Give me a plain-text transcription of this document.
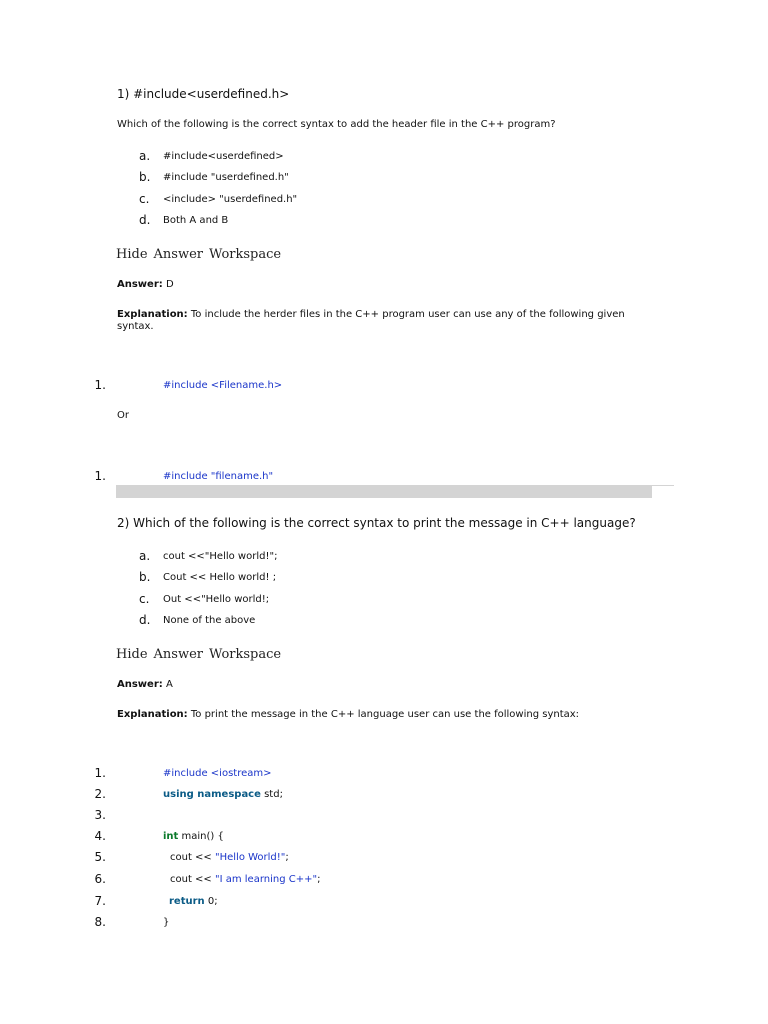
1) #include<userdefined.h>
Which of the following is the correct syntax to add the header file in the C++ program?
a. #include<userdefined>
b. #include "userdefined.h"
c. <include> "userdefined.h"
d. Both A and B
Hide Answer Workspace
Answer: D
Explanation: To include the herder files in the C++ program user can use any of the following given syntax.
1.	#include <Filename.h>
Or
1.	#include "filename.h"
2) Which of the following is the correct syntax to print the message in C++ language?
a. cout <<"Hello world!";
b. Cout << Hello world! ;
c. Out <<"Hello world!;
d. None of the above
Hide Answer Workspace
Answer: A
Explanation: To print the message in the C++ language user can use the following syntax:
1.	#include <iostream>
2.	using namespace std;
3.
4.	int main() {
5.	cout << "Hello World!";
6.	cout << "I am learning C++";
7.	return 0;
8.	}
